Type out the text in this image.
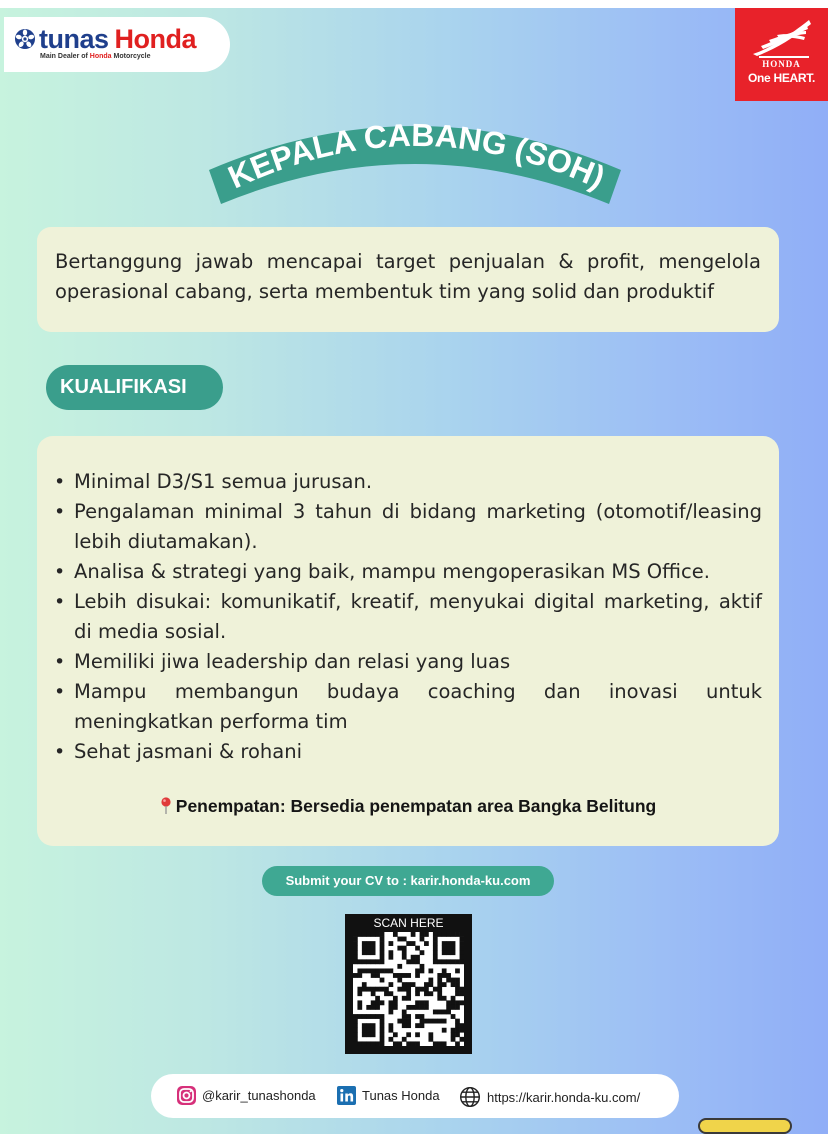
tunas Honda
Main Dealer of Honda Motorcycle
HONDA
One HEART.
KEPALA CABANG (SOH)
Bertanggung jawab mencapai target penjualan & profit, mengelola operasional cabang, serta membentuk tim yang solid dan produktif
KUALIFIKASI
• Minimal D3/S1 semua jurusan.
• Pengalaman minimal 3 tahun di bidang marketing (otomotif/leasing lebih diutamakan).
• Analisa & strategi yang baik, mampu mengoperasikan MS Office.
• Lebih disukai: komunikatif, kreatif, menyukai digital marketing, aktif di media sosial.
• Memiliki jiwa leadership dan relasi yang luas
• Mampu membangun budaya coaching dan inovasi untuk meningkatkan performa tim
• Sehat jasmani & rohani
Penempatan: Bersedia penempatan area Bangka Belitung
Submit your CV to : karir.honda-ku.com
SCAN HERE
@karir_tunashonda	Tunas Honda	https://karir.honda-ku.com/
